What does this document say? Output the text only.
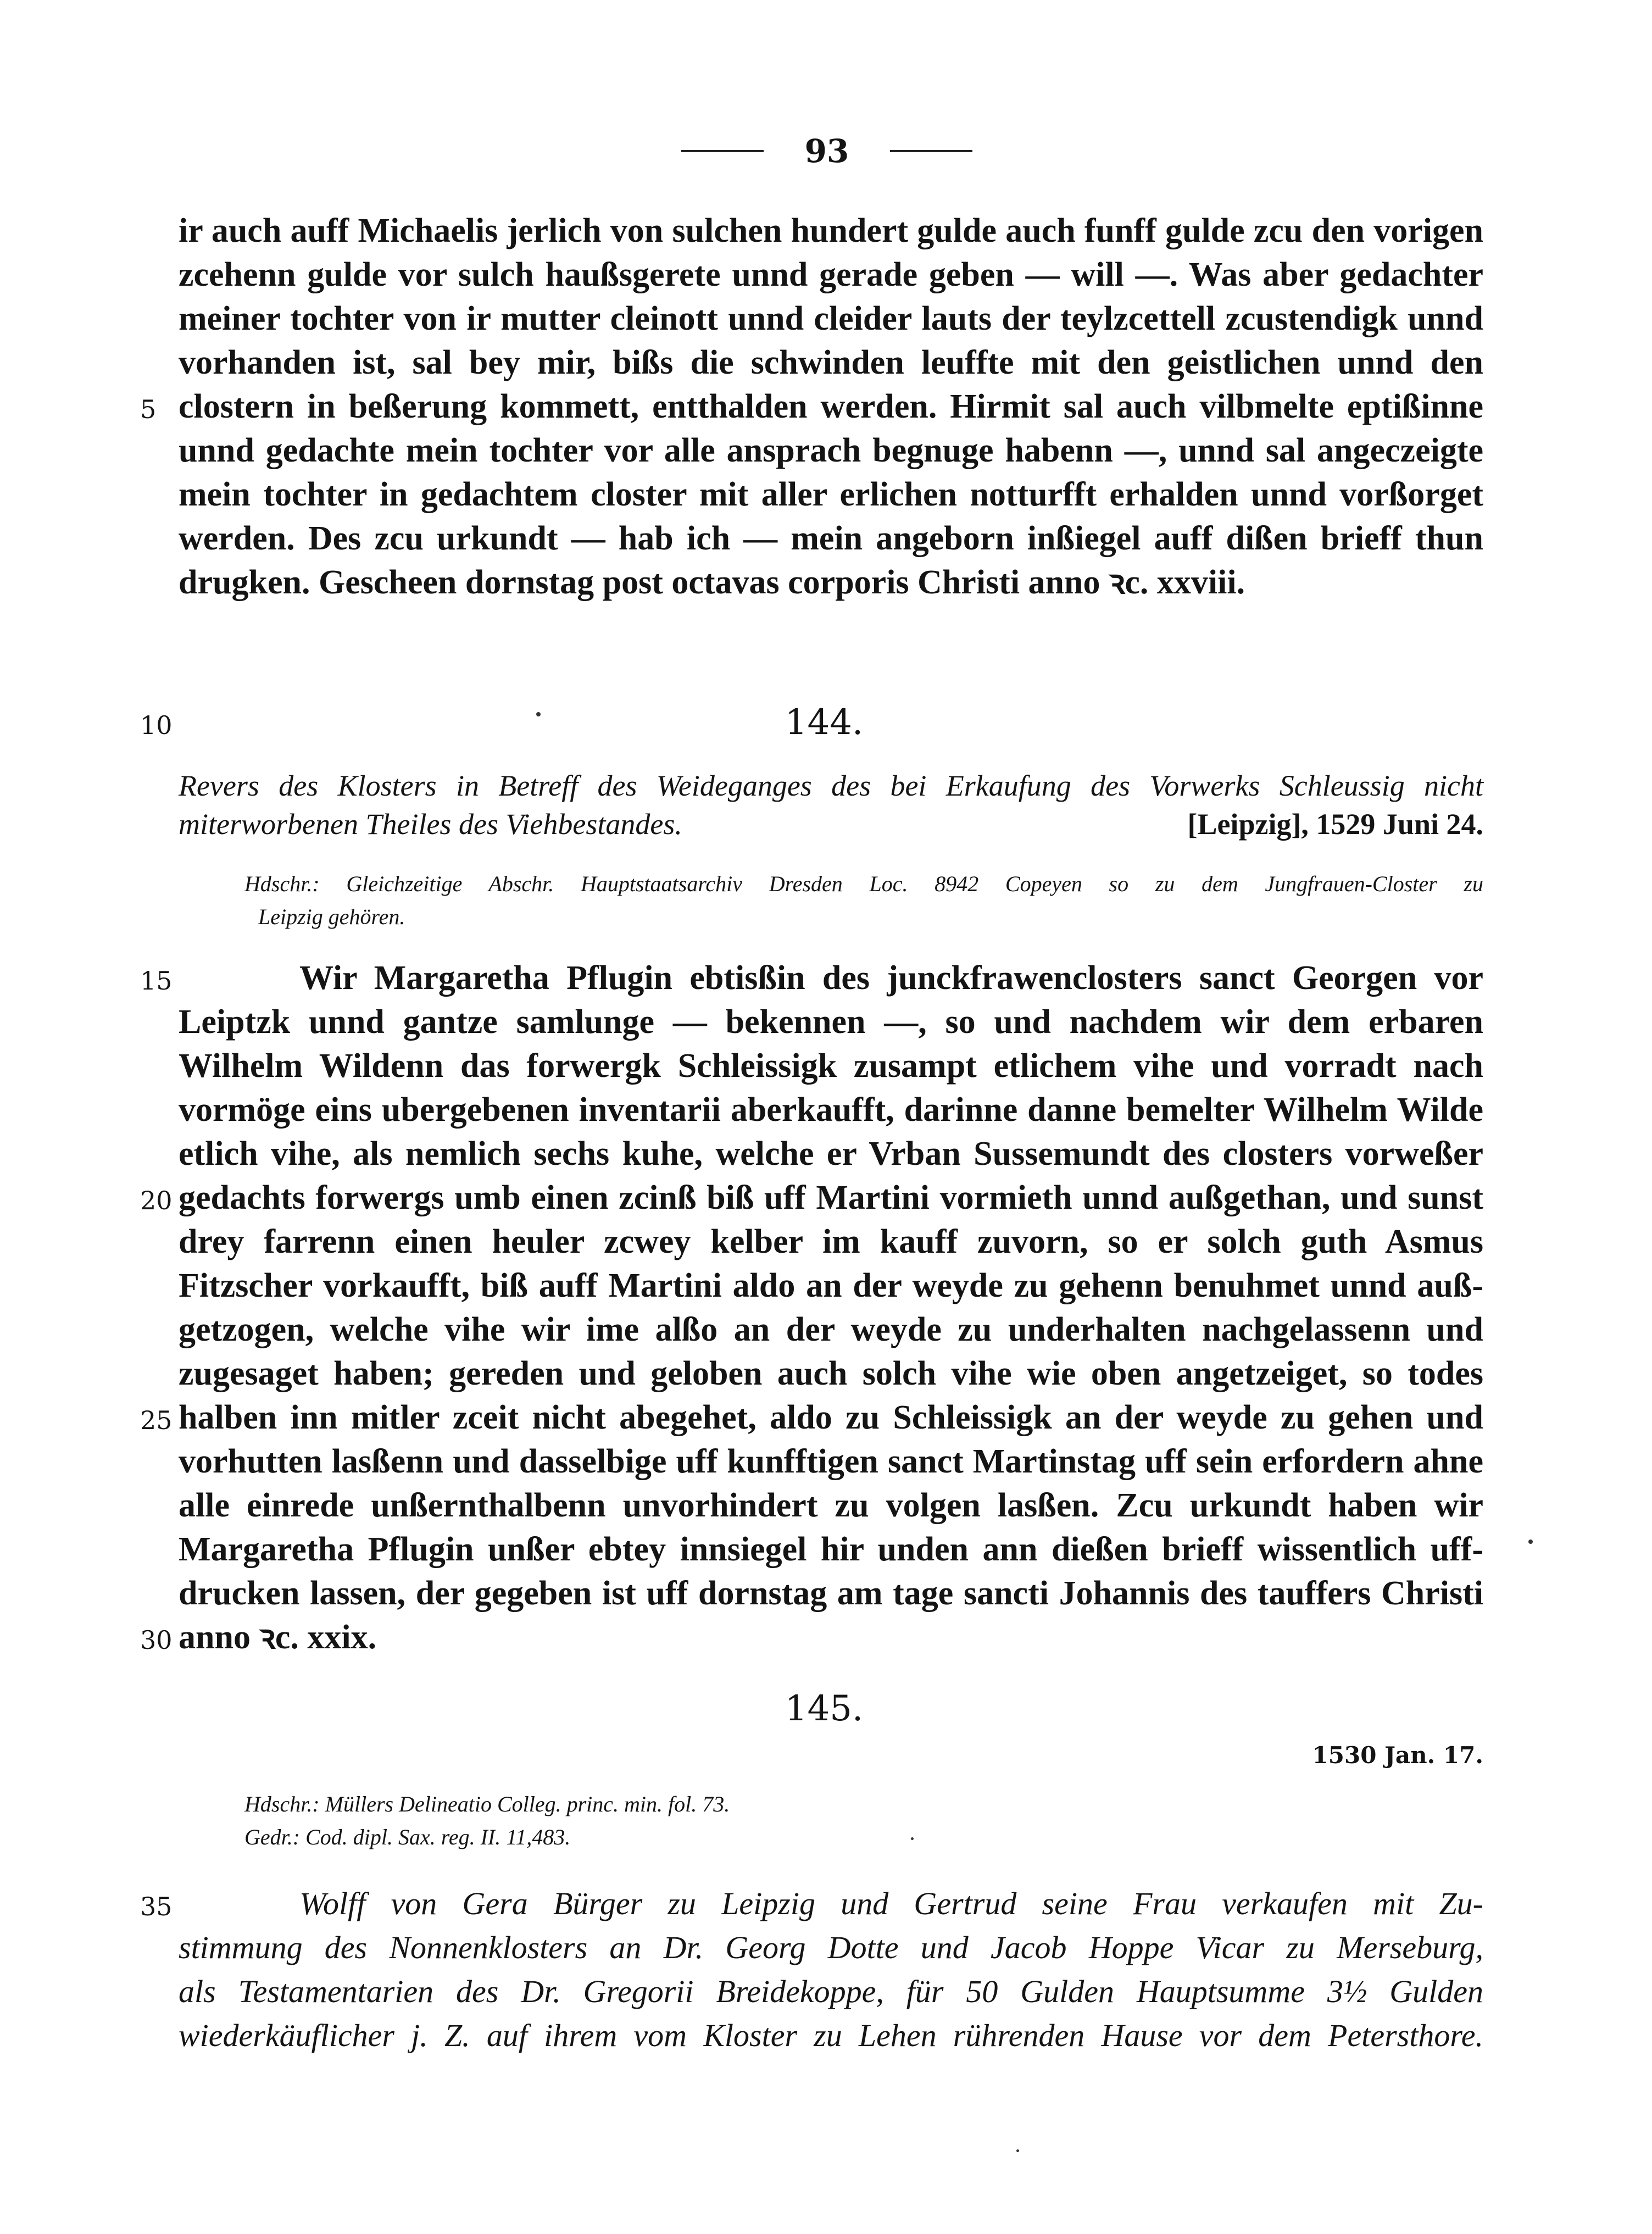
93
ir auch auff Michaelis jerlich von sulchen hundert gulde auch funff gulde zcu den vorigen
zcehenn gulde vor sulch haußsgerete unnd gerade geben — will —. Was aber gedachter
meiner tochter von ir mutter cleinott unnd cleider lauts der teylzcettell zcustendigk unnd
vorhanden ist, sal bey mir, bißs die schwinden leuffte mit den geistlichen unnd den
5 clostern in beßerung kommett, entthalden werden. Hirmit sal auch vilbmelte eptißinne
unnd gedachte mein tochter vor alle ansprach begnuge habenn —, unnd sal angeczeigte
mein tochter in gedachtem closter mit aller erlichen notturfft erhalden unnd vorßorget
werden. Des zcu urkundt — hab ich — mein angeborn inßiegel auff dißen brieff thun
drugken. Gescheen dornstag post octavas corporis Christi anno ꝛc. xxviii.
10	144.
Revers des Klosters in Betreff des Weideganges des bei Erkaufung des Vorwerks Schleussig nicht
miterworbenen Theiles des Viehbestandes.	[Leipzig], 1529 Juni 24.
Hdschr.: Gleichzeitige Abschr. Hauptstaatsarchiv Dresden Loc. 8942 Copeyen so zu dem Jungfrauen-Closter zu
Leipzig gehören.
15	Wir Margaretha Pflugin ebtisßin des junckfrawenclosters sanct Georgen vor
Leiptzk unnd gantze samlunge — bekennen —, so und nachdem wir dem erbaren
Wilhelm Wildenn das forwergk Schleissigk zusampt etlichem vihe und vorradt nach
vormöge eins ubergebenen inventarii aberkaufft, darinne danne bemelter Wilhelm Wilde
etlich vihe, als nemlich sechs kuhe, welche er Vrban Sussemundt des closters vorweßer
20 gedachts forwergs umb einen zcinß biß uff Martini vormieth unnd außgethan, und sunst
drey farrenn einen heuler zcwey kelber im kauff zuvorn, so er solch guth Asmus
Fitzscher vorkaufft, biß auff Martini aldo an der weyde zu gehenn benuhmet unnd auß-
getzogen, welche vihe wir ime alßo an der weyde zu underhalten nachgelassenn und
zugesaget haben; gereden und geloben auch solch vihe wie oben angetzeiget, so todes
25 halben inn mitler zceit nicht abegehet, aldo zu Schleissigk an der weyde zu gehen und
vorhutten lasßenn und dasselbige uff kunfftigen sanct Martinstag uff sein erfordern ahne
alle einrede unßernthalbenn unvorhindert zu volgen lasßen. Zcu urkundt haben wir
Margaretha Pflugin unßer ebtey innsiegel hir unden ann dießen brieff wissentlich uff-
drucken lassen, der gegeben ist uff dornstag am tage sancti Johannis des tauffers Christi
30 anno ꝛc. xxix.
145.
1530 Jan. 17.
Hdschr.: Müllers Delineatio Colleg. princ. min. fol. 73.
Gedr.: Cod. dipl. Sax. reg. II. 11,483.
35	Wolff von Gera Bürger zu Leipzig und Gertrud seine Frau verkaufen mit Zu-
stimmung des Nonnenklosters an Dr. Georg Dotte und Jacob Hoppe Vicar zu Merseburg,
als Testamentarien des Dr. Gregorii Breidekoppe, für 50 Gulden Hauptsumme 3½ Gulden
wiederkäuflicher j. Z. auf ihrem vom Kloster zu Lehen rührenden Hause vor dem Petersthore.
